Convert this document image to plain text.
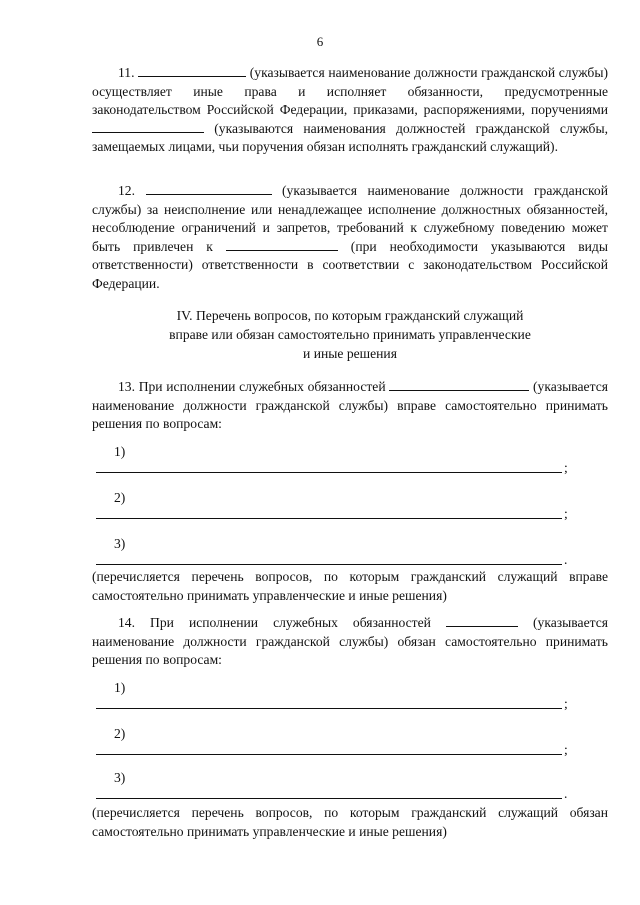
6
11.	(указывается наименование должности гражданской службы) осуществляет иные права и исполняет обязанности, предусмотренные законодательством Российской Федерации, приказами, распоряжениями, поручениями  (указываются наименования должностей гражданской службы, замещаемых лицами, чьи поручения обязан исполнять гражданский служащий).
12.	(указывается наименование должности гражданской службы) за неисполнение или ненадлежащее исполнение должностных обязанностей, несоблюдение ограничений и запретов, требований к служебному поведению может быть привлечен к	(при необходимости указываются виды ответственности) ответственности в соответствии с законодательством Российской Федерации.
IV. Перечень вопросов, по которым гражданский служащий
вправе или обязан самостоятельно принимать управленческие
и иные решения
13. При исполнении служебных обязанностей	(указывается наименование должности гражданской службы) вправе самостоятельно принимать решения по вопросам:
1)
;
2)
;
3)
.
(перечисляется перечень вопросов, по которым гражданский служащий вправе самостоятельно принимать управленческие и иные решения)
14. При исполнении служебных обязанностей	(указывается наименование должности гражданской службы) обязан самостоятельно принимать решения по вопросам:
1)
;
2)
;
3)
.
(перечисляется перечень вопросов, по которым гражданский служащий обязан самостоятельно принимать управленческие и иные решения)
